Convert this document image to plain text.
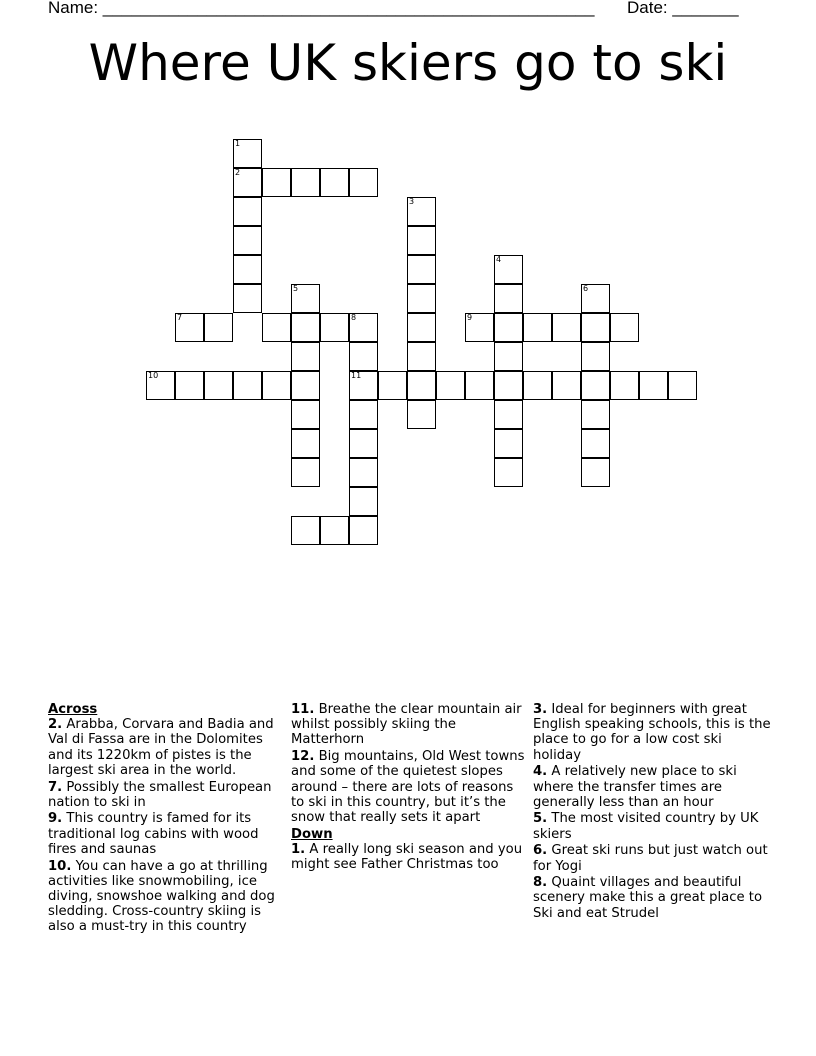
Name: ____________________________________________________ Date: _______
Where UK skiers go to ski
1
2
3
4
5	6
7	8
11
9
10
Across
2. Arabba, Corvara and Badia and Val di Fassa are in the Dolomites and its 1220km of pistes is the largest ski area in the world.
7. Possibly the smallest European nation to ski in
9. This country is famed for its traditional log cabins with wood fires and saunas
10. You can have a go at thrilling activities like snowmobiling, ice diving, snowshoe walking and dog sledding. Cross-country skiing is also a must-try in this country
11. Breathe the clear mountain air whilst possibly skiing the Matterhorn
12. Big mountains, Old West towns and some of the quietest slopes around – there are lots of reasons to ski in this country, but it’s the snow that really sets it apart
Down
1. A really long ski season and you might see Father Christmas too
3. Ideal for beginners with great English speaking schools, this is the place to go for a low cost ski holiday
4. A relatively new place to ski where the transfer times are generally less than an hour
5. The most visited country by UK skiers
6. Great ski runs but just watch out for Yogi
8. Quaint villages and beautiful scenery make this a great place to Ski and eat Strudel
